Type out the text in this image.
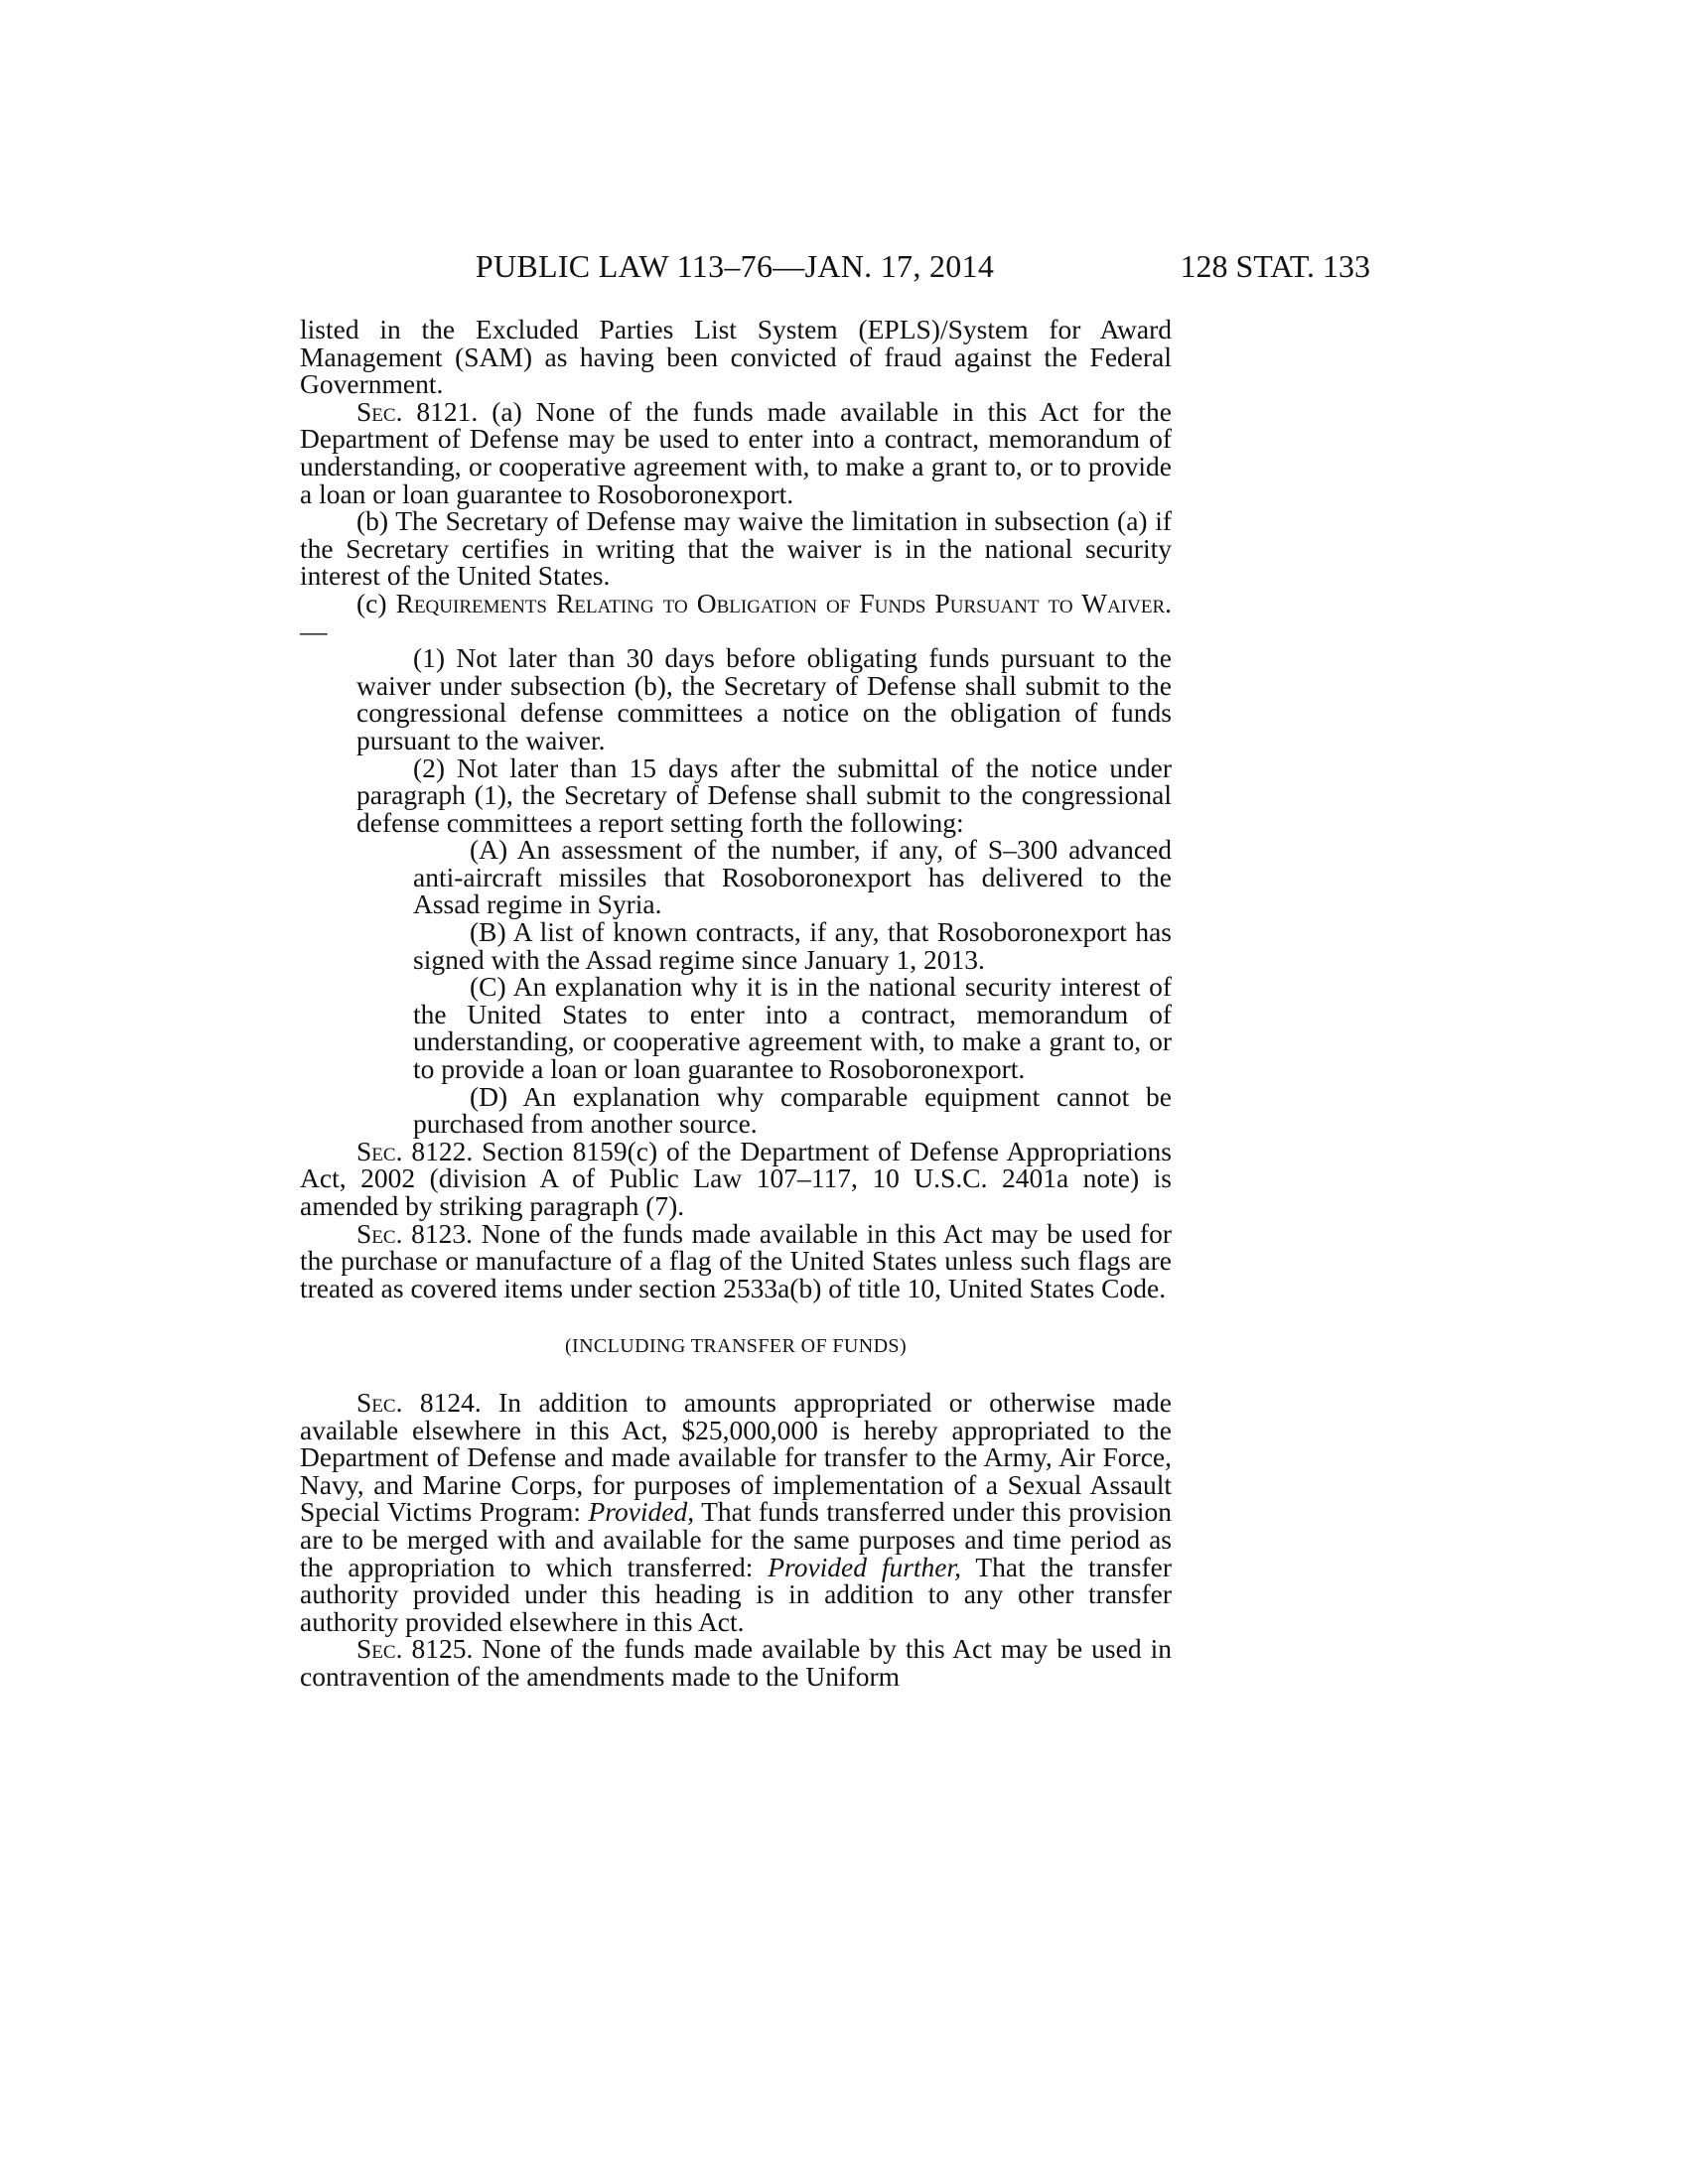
PUBLIC LAW 113–76—JAN. 17, 2014	128 STAT. 133

listed in the Excluded Parties List System (EPLS)/System for Award Management (SAM) as having been convicted of fraud against the Federal Government.

Sec. 8121. (a) None of the funds made available in this Act for the Department of Defense may be used to enter into a contract, memorandum of understanding, or cooperative agreement with, to make a grant to, or to provide a loan or loan guarantee to Rosoboronexport.

(b) The Secretary of Defense may waive the limitation in subsection (a) if the Secretary certifies in writing that the waiver is in the national security interest of the United States.

(c) Requirements Relating to Obligation of Funds Pursuant to Waiver.—

(1) Not later than 30 days before obligating funds pursuant to the waiver under subsection (b), the Secretary of Defense shall submit to the congressional defense committees a notice on the obligation of funds pursuant to the waiver.

(2) Not later than 15 days after the submittal of the notice under paragraph (1), the Secretary of Defense shall submit to the congressional defense committees a report setting forth the following:

(A) An assessment of the number, if any, of S–300 advanced anti-aircraft missiles that Rosoboronexport has delivered to the Assad regime in Syria.

(B) A list of known contracts, if any, that Rosoboronexport has signed with the Assad regime since January 1, 2013.

(C) An explanation why it is in the national security interest of the United States to enter into a contract, memorandum of understanding, or cooperative agreement with, to make a grant to, or to provide a loan or loan guarantee to Rosoboronexport.

(D) An explanation why comparable equipment cannot be purchased from another source.

Sec. 8122. Section 8159(c) of the Department of Defense Appropriations Act, 2002 (division A of Public Law 107–117, 10 U.S.C. 2401a note) is amended by striking paragraph (7).

Sec. 8123. None of the funds made available in this Act may be used for the purchase or manufacture of a flag of the United States unless such flags are treated as covered items under section 2533a(b) of title 10, United States Code.

(INCLUDING TRANSFER OF FUNDS)

Sec. 8124. In addition to amounts appropriated or otherwise made available elsewhere in this Act, $25,000,000 is hereby appropriated to the Department of Defense and made available for transfer to the Army, Air Force, Navy, and Marine Corps, for purposes of implementation of a Sexual Assault Special Victims Program: Provided, That funds transferred under this provision are to be merged with and available for the same purposes and time period as the appropriation to which transferred: Provided further, That the transfer authority provided under this heading is in addition to any other transfer authority provided elsewhere in this Act.

Sec. 8125. None of the funds made available by this Act may be used in contravention of the amendments made to the Uniform
